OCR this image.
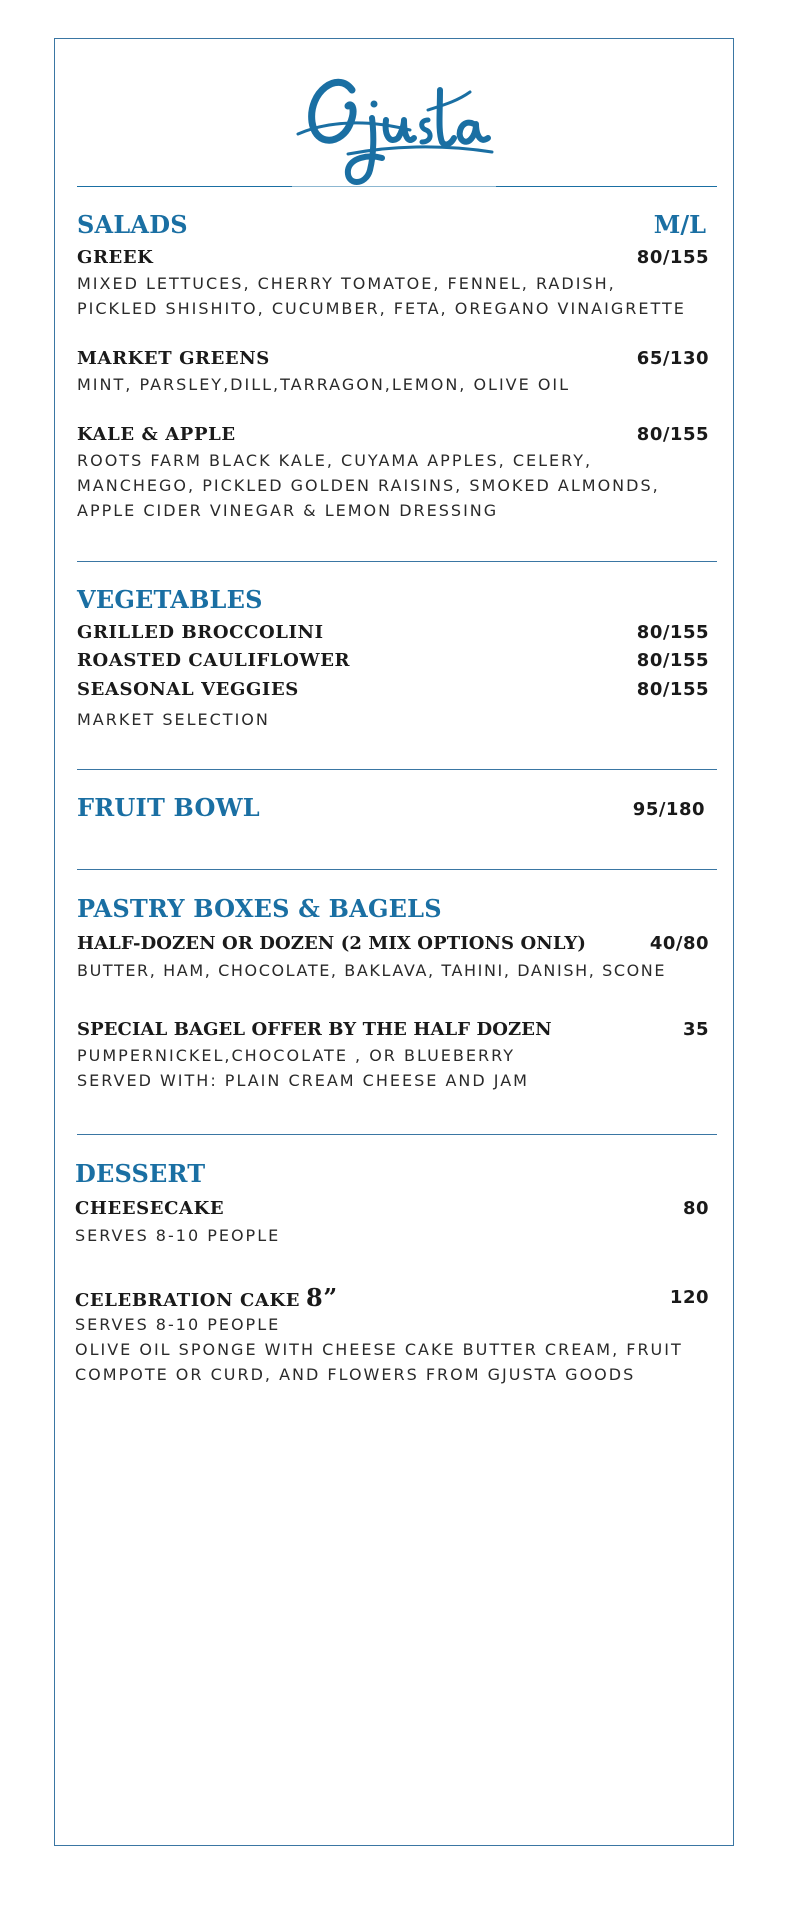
SALADS	M/L
GREEK	80/155
MIXED LETTUCES, CHERRY TOMATOE, FENNEL, RADISH,
PICKLED SHISHITO, CUCUMBER, FETA, OREGANO VINAIGRETTE
MARKET GREENS	65/130
MINT, PARSLEY,DILL,TARRAGON,LEMON, OLIVE OIL
KALE & APPLE	80/155
ROOTS FARM BLACK KALE, CUYAMA APPLES, CELERY,
MANCHEGO, PICKLED GOLDEN RAISINS, SMOKED ALMONDS,
APPLE CIDER VINEGAR & LEMON DRESSING
VEGETABLES
GRILLED BROCCOLINI	80/155
ROASTED CAULIFLOWER	80/155
SEASONAL VEGGIES	80/155
MARKET SELECTION
FRUIT BOWL	95/180
PASTRY BOXES & BAGELS
HALF-DOZEN OR DOZEN (2 MIX OPTIONS ONLY)	40/80
BUTTER, HAM, CHOCOLATE, BAKLAVA, TAHINI, DANISH, SCONE
SPECIAL BAGEL OFFER BY THE HALF DOZEN	35
PUMPERNICKEL,CHOCOLATE , OR BLUEBERRY
SERVED WITH: PLAIN CREAM CHEESE AND JAM
DESSERT
CHEESECAKE	80
SERVES 8-10 PEOPLE
CELEBRATION CAKE 8”	120
SERVES 8-10 PEOPLE
OLIVE OIL SPONGE WITH CHEESE CAKE BUTTER CREAM, FRUIT
COMPOTE OR CURD, AND FLOWERS FROM GJUSTA GOODS
